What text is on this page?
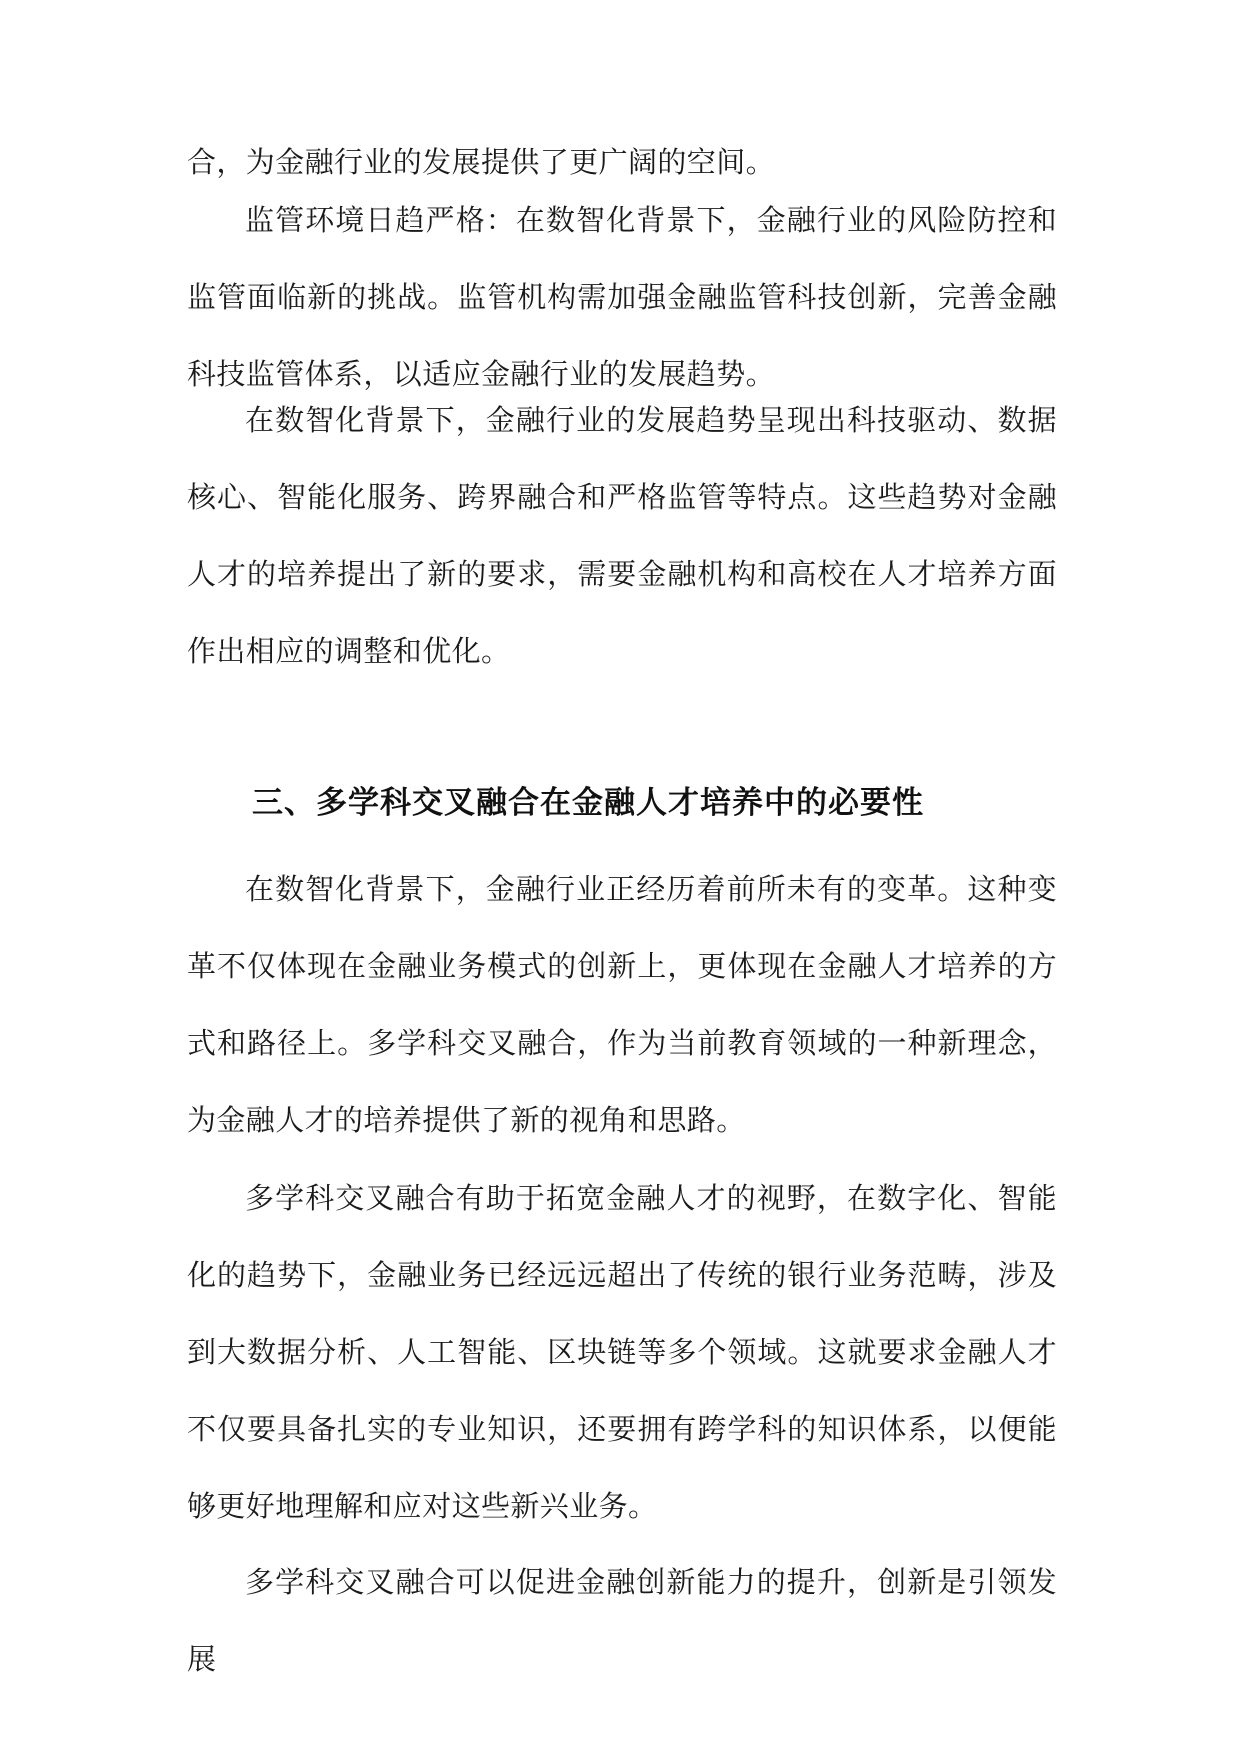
合，为金融行业的发展提供了更广阔的空间。

监管环境日趋严格：在数智化背景下，金融行业的风险防控和监管面临新的挑战。监管机构需加强金融监管科技创新，完善金融科技监管体系，以适应金融行业的发展趋势。

在数智化背景下，金融行业的发展趋势呈现出科技驱动、数据核心、智能化服务、跨界融合和严格监管等特点。这些趋势对金融人才的培养提出了新的要求，需要金融机构和高校在人才培养方面作出相应的调整和优化。

三、多学科交叉融合在金融人才培养中的必要性

在数智化背景下，金融行业正经历着前所未有的变革。这种变革不仅体现在金融业务模式的创新上，更体现在金融人才培养的方式和路径上。多学科交叉融合，作为当前教育领域的一种新理念，为金融人才的培养提供了新的视角和思路。

多学科交叉融合有助于拓宽金融人才的视野，在数字化、智能化的趋势下，金融业务已经远远超出了传统的银行业务范畴，涉及到大数据分析、人工智能、区块链等多个领域。这就要求金融人才不仅要具备扎实的专业知识，还要拥有跨学科的知识体系，以便能够更好地理解和应对这些新兴业务。

多学科交叉融合可以促进金融创新能力的提升，创新是引领发展
